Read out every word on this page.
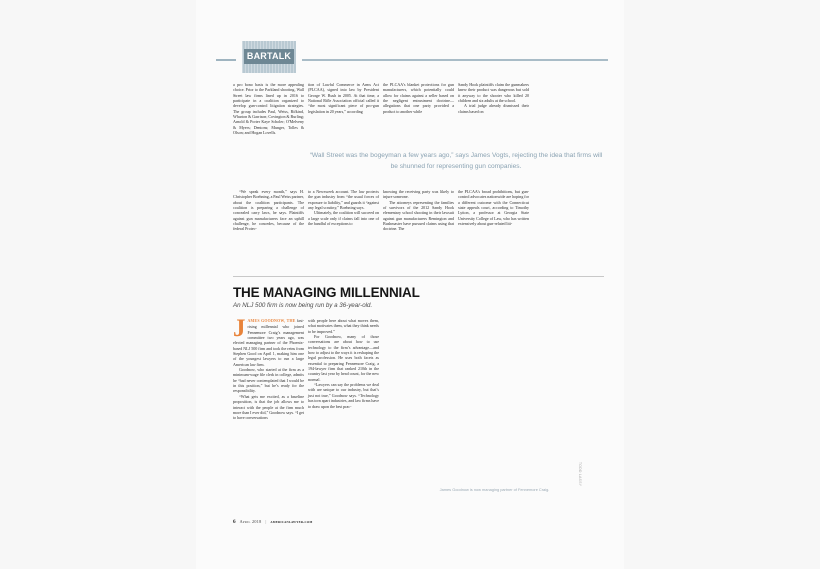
BAR TALK

a pro bono basis is the more appealing choice. Prior to the Parkland shooting, Wall Street law firms lined up in 2016 to participate in a coalition organized to develop gun-control litigation strategies. The group includes Paul, Weiss, Rifkind, Wharton & Garrison; Covington & Burling; Arnold & Porter Kaye Scholer; O'Melveny & Myers; Dentons; Munger, Tolles & Olson; and Hogan Lovells.

tion of Lawful Commerce in Arms Act (PLCAA), signed into law by President George W. Bush in 2005. At that time, a National Rifle Association official called it “the most significant piece of pro-gun legislation in 20 years,” according

the PLCAA’s blanket protections for gun manufacturers, which potentially could allow for claims against a seller based on the negligent entrustment doctrine—allegations that one party provided a product to another while

Sandy Hook plaintiffs claim the gunmakers knew their product was dangerous but sold it anyway to the shooter who killed 20 children and six adults at the school.

A trial judge already dismissed their claims based on

“Wall Street was the bogeyman a few years ago,” says James Vogts, rejecting the idea that firms will be shunned for representing gun companies.

“We speak every month,” says H. Christopher Boehning, a Paul Weiss partner, about the coalition participants. The coalition is preparing a challenge of concealed carry laws, he says. Plaintiffs against gun manufacturers face an uphill challenge, he concedes, because of the federal Protec-

to a Newsweek account. The law protects the gun industry from “the usual forces of exposure to liability,” and guards it “against any legal scrutiny,” Boehning says.

Ultimately, the coalition will succeed on a large scale only if claims fall into one of the handful of exceptions to

knowing the receiving party was likely to injure someone.

The attorneys representing the families of survivors of the 2012 Sandy Hook elementary school shooting in their lawsuit against gun manufacturers Remington and Bushmaster have pursued claims using that doctrine. The

the PLCAA’s broad prohibitions, but gun-control advocates nationwide are hoping for a different outcome with the Connecticut state appeals court, according to Timothy Lytton, a professor at Georgia State University College of Law, who has written extensively about gun-related liti-

THE MANAGING MILLENNIAL
An NLJ 500 firm is now being run by a 36-year-old.

JAMES GOODNOW, THE fast-rising millennial who joined Fennemore Craig’s management committee two years ago, was elected managing partner of the Phoenix-based NLJ 500 firm and took the reins from Stephen Good on April 1, making him one of the youngest lawyers to run a large American law firm.

Goodnow, who started at the firm as a minimum-wage file clerk in college, admits he “had never contemplated that I would be in this position,” but he’s ready for the responsibility.

“What gets me excited, as a baseline proposition, is that the job allows me to interact with the people at the firm much more than I ever did,” Goodnow says. “I get to have conversations

with people here about what moves them, what motivates them, what they think needs to be improved.”

For Goodnow, many of those conversations are about how to use technology to the firm’s advantage—and how to adjust to the ways it is reshaping the legal profession. He uses both facets as essential to preparing Fennemore Craig, a 194-lawyer firm that ranked 210th in the country last year by head count, for the new normal.

“Lawyers can say the problems we deal with are unique to our industry, but that’s just not true,” Goodnow says. “Technology has torn apart industries, and law firms have to draw upon the best prac-

James Goodnow is now managing partner of Fennemore Craig.
TODD LASSY
6 April 2018 | americanlawyer.com
